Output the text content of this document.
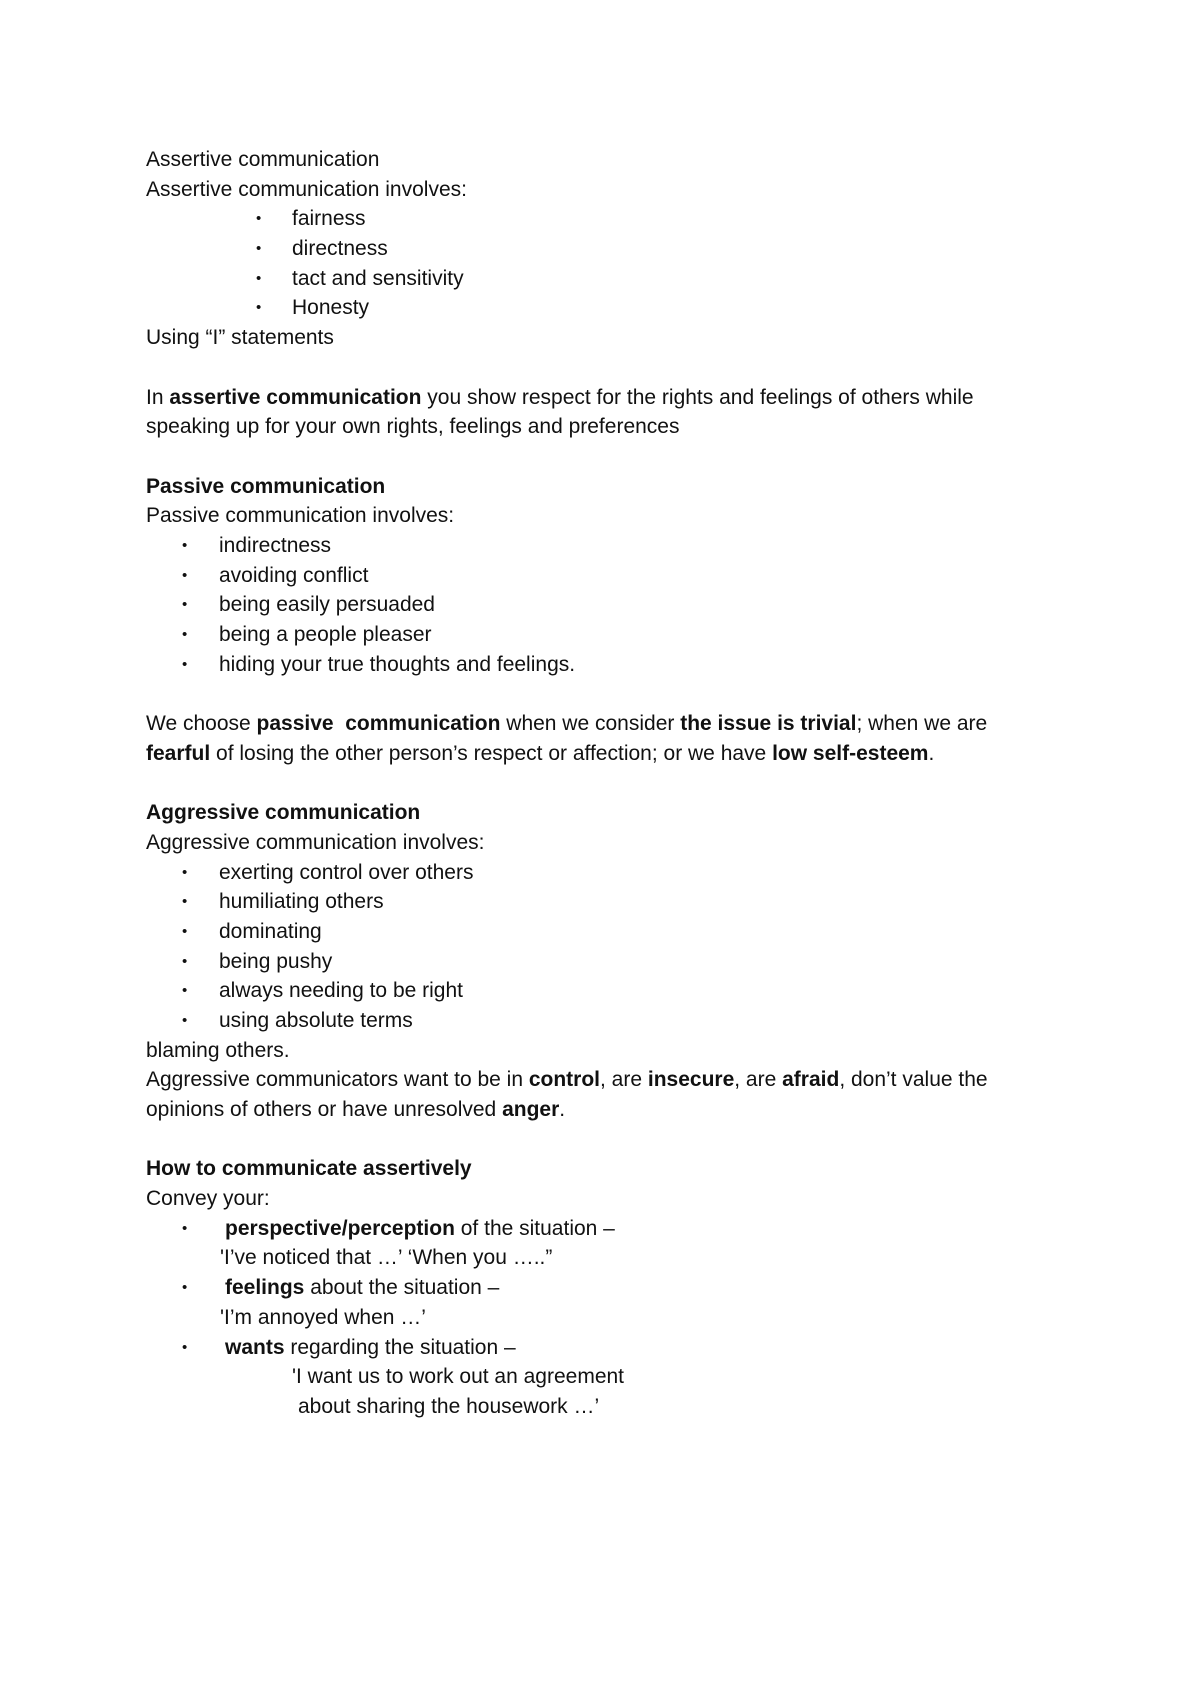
Assertive communication

Assertive communication involves:

• fairness

• directness

• tact and sensitivity

• Honesty

Using “I” statements

In assertive communication you show respect for the rights and feelings of others while

speaking up for your own rights, feelings and preferences

Passive communication

Passive communication involves:

• indirectness

• avoiding conflict

• being easily persuaded

• being a people pleaser

• hiding your true thoughts and feelings.

We choose passive  communication when we consider the issue is trivial; when we are

fearful of losing the other person’s respect or affection; or we have low self-esteem.

Aggressive communication

Aggressive communication involves:

• exerting control over others

• humiliating others

• dominating

• being pushy

• always needing to be right

• using absolute terms

blaming others.

Aggressive communicators want to be in control, are insecure, are afraid, don’t value the

opinions of others or have unresolved anger.

How to communicate assertively

Convey your:

• perspective/perception of the situation –

'I’ve noticed that …’ ‘When you …..”

• feelings about the situation –

'I’m annoyed when …’

• wants regarding the situation –

'I want us to work out an agreement

about sharing the housework …’
